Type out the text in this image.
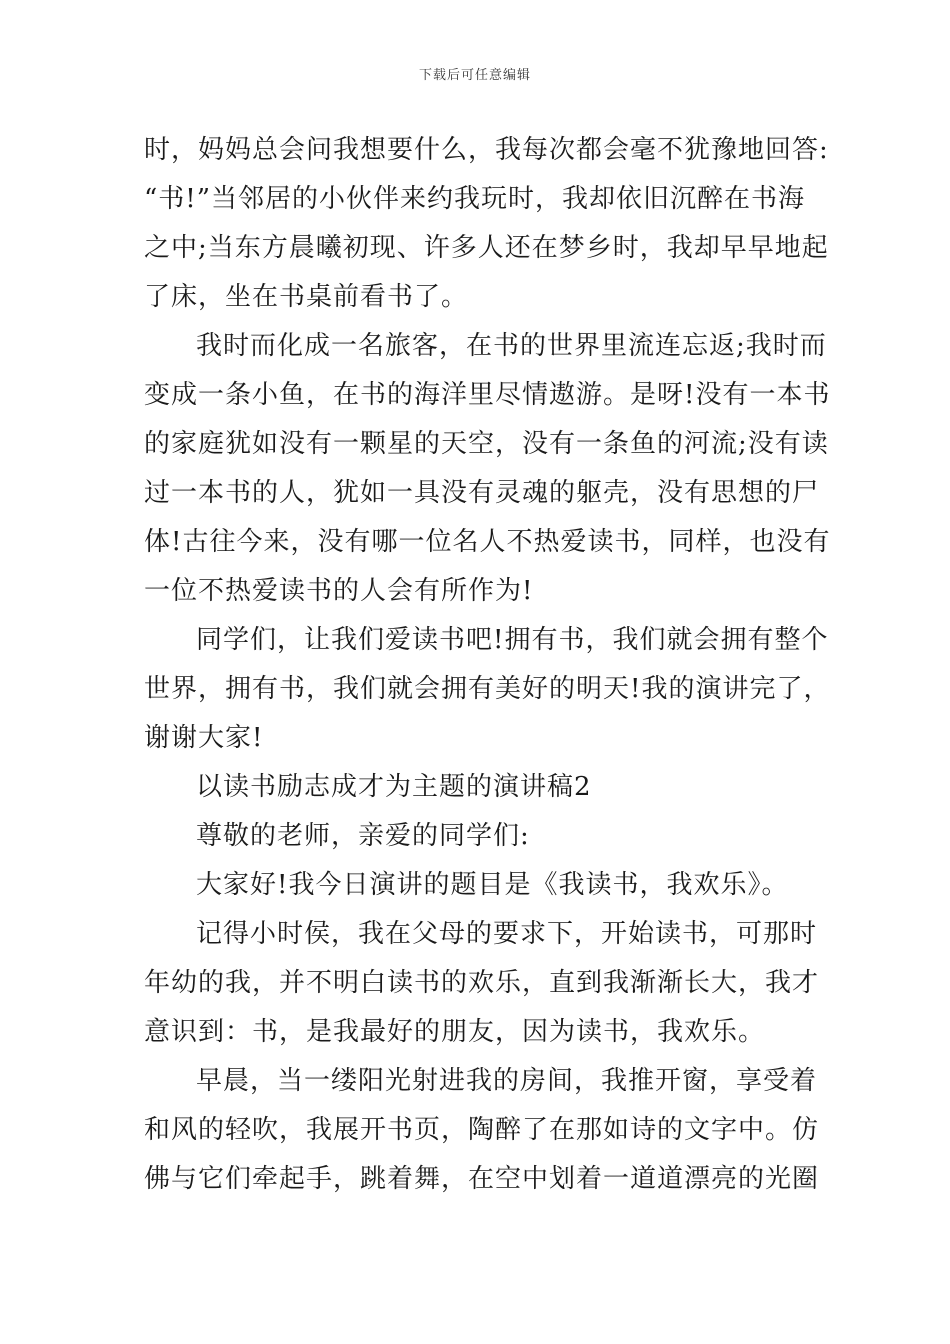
下载后可任意编辑
时，妈妈总会问我想要什么，我每次都会毫不犹豫地回答:
“书!”当邻居的小伙伴来约我玩时，我却依旧沉醉在书海
之中;当东方晨曦初现、许多人还在梦乡时，我却早早地起
了床，坐在书桌前看书了。
我时而化成一名旅客，在书的世界里流连忘返;我时而
变成一条小鱼，在书的海洋里尽情遨游。是呀!没有一本书
的家庭犹如没有一颗星的天空，没有一条鱼的河流;没有读
过一本书的人，犹如一具没有灵魂的躯壳，没有思想的尸
体!古往今来，没有哪一位名人不热爱读书，同样，也没有
一位不热爱读书的人会有所作为!
同学们，让我们爱读书吧!拥有书，我们就会拥有整个
世界，拥有书，我们就会拥有美好的明天!我的演讲完了，
谢谢大家!
以读书励志成才为主题的演讲稿2
尊敬的老师，亲爱的同学们:
大家好!我今日演讲的题目是《我读书，我欢乐》。
记得小时侯，我在父母的要求下，开始读书，可那时
年幼的我，并不明白读书的欢乐，直到我渐渐长大，我才
意识到：书，是我最好的朋友，因为读书，我欢乐。
早晨，当一缕阳光射进我的房间，我推开窗，享受着
和风的轻吹，我展开书页，陶醉了在那如诗的文字中。仿
佛与它们牵起手，跳着舞，在空中划着一道道漂亮的光圈
